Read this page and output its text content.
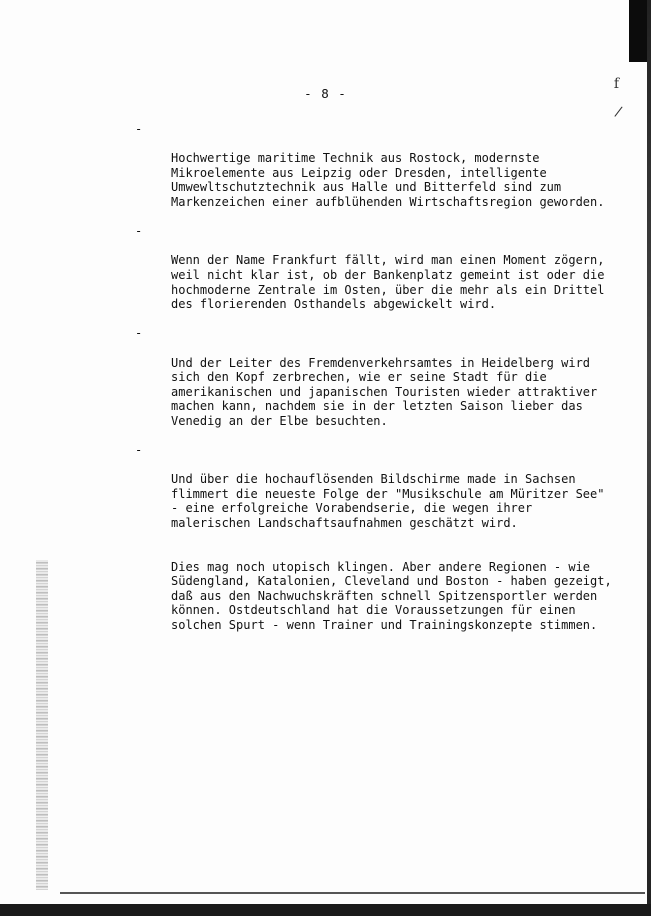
f
/
- 8 -

-

Hochwertige maritime Technik aus Rostock, modernste
Mikroelemente aus Leipzig oder Dresden, intelligente
Umwewltschutztechnik aus Halle und Bitterfeld sind zum
Markenzeichen einer aufblühenden Wirtschaftsregion geworden.

-

Wenn der Name Frankfurt fällt, wird man einen Moment zögern,
weil nicht klar ist, ob der Bankenplatz gemeint ist oder die
hochmoderne Zentrale im Osten, über die mehr als ein Drittel
des florierenden Osthandels abgewickelt wird.

-

Und der Leiter des Fremdenverkehrsamtes in Heidelberg wird
sich den Kopf zerbrechen, wie er seine Stadt für die
amerikanischen und japanischen Touristen wieder attraktiver
machen kann, nachdem sie in der letzten Saison lieber das
Venedig an der Elbe besuchten.

-

Und über die hochauflösenden Bildschirme made in Sachsen
flimmert die neueste Folge der "Musikschule am Müritzer See"
- eine erfolgreiche Vorabendserie, die wegen ihrer
malerischen Landschaftsaufnahmen geschätzt wird.

Dies mag noch utopisch klingen. Aber andere Regionen - wie
Südengland, Katalonien, Cleveland und Boston - haben gezeigt,
daß aus den Nachwuchskräften schnell Spitzensportler werden
können. Ostdeutschland hat die Voraussetzungen für einen
solchen Spurt - wenn Trainer und Trainingskonzepte stimmen.
